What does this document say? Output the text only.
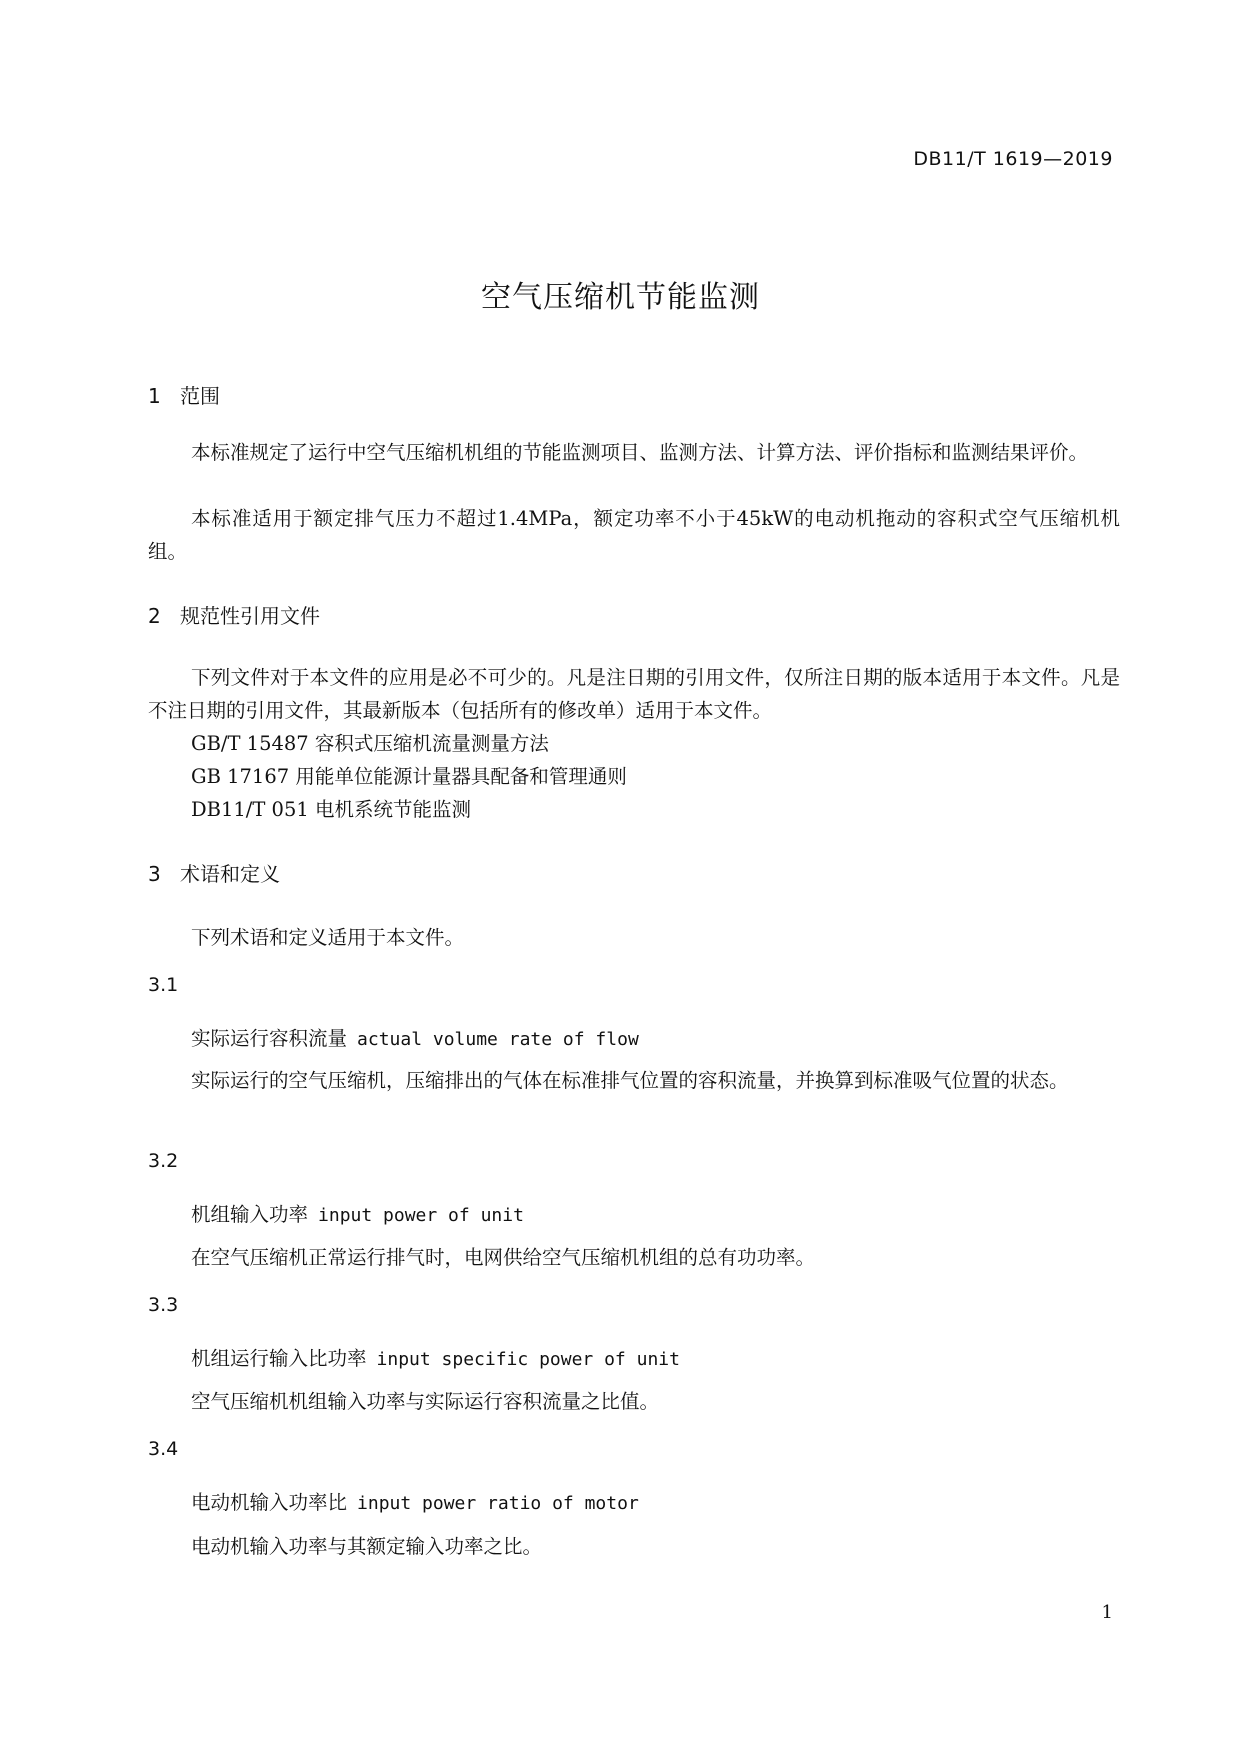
DB11/T 1619—2019
空气压缩机节能监测
1 范围

本标准规定了运行中空气压缩机机组的节能监测项目、监测方法、计算方法、评价指标和监测结果评价。

本标准适用于额定排气压力不超过1.4MPa，额定功率不小于45kW的电动机拖动的容积式空气压缩机机组。

2 规范性引用文件

下列文件对于本文件的应用是必不可少的。凡是注日期的引用文件，仅所注日期的版本适用于本文件。凡是不注日期的引用文件，其最新版本（包括所有的修改单）适用于本文件。

GB/T 15487 容积式压缩机流量测量方法
GB 17167 用能单位能源计量器具配备和管理通则
DB11/T 051 电机系统节能监测
3 术语和定义
下列术语和定义适用于本文件。
3.1
实际运行容积流量 actual volume rate of flow

实际运行的空气压缩机，压缩排出的气体在标准排气位置的容积流量，并换算到标准吸气位置的状态。

3.2
机组输入功率 input power of unit

在空气压缩机正常运行排气时，电网供给空气压缩机机组的总有功功率。

3.3
机组运行输入比功率 input specific power of unit

空气压缩机机组输入功率与实际运行容积流量之比值。

3.4
电动机输入功率比 input power ratio of motor

电动机输入功率与其额定输入功率之比。

1
